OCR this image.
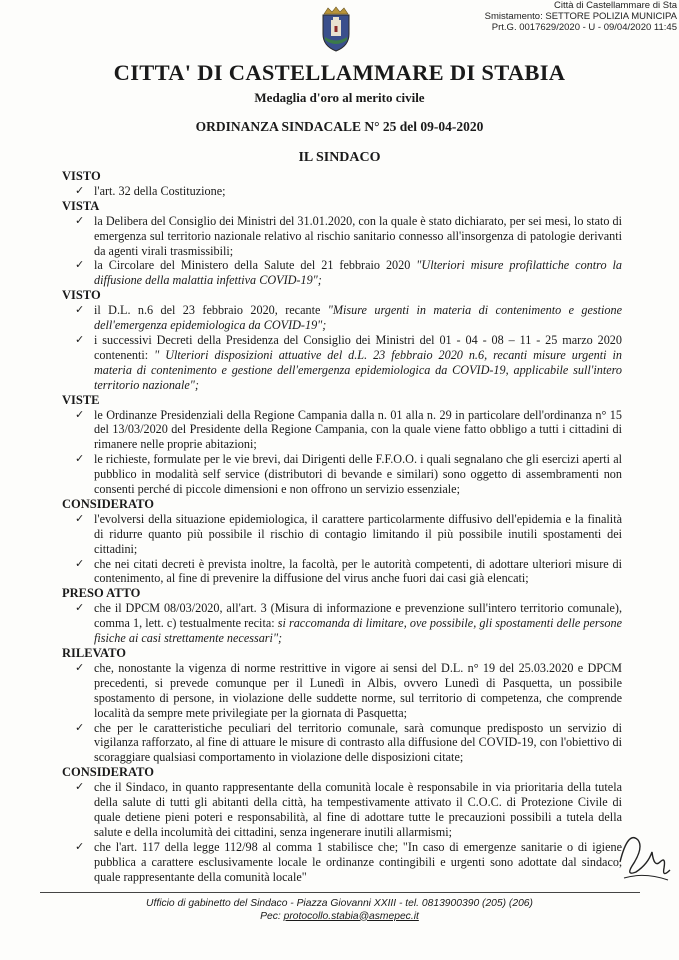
Città di Castellammare di Sta
Smistamento: SETTORE POLIZIA MUNICIPA
Prt.G. 0017629/2020 - U - 09/04/2020 11:45
CITTA' DI CASTELLAMMARE DI STABIA
Medaglia d'oro al merito civile
ORDINANZA SINDACALE N° 25 del 09-04-2020
IL SINDACO
VISTO
✓ l'art. 32 della Costituzione;
VISTA
✓ la Delibera del Consiglio dei Ministri del 31.01.2020, con la quale è stato dichiarato, per sei mesi, lo stato di emergenza sul territorio nazionale relativo al rischio sanitario connesso all'insorgenza di patologie derivanti da agenti virali trasmissibili;
✓ la Circolare del Ministero della Salute del 21 febbraio 2020 "Ulteriori misure profilattiche contro la diffusione della malattia infettiva COVID-19";
VISTO
✓ il D.L. n.6 del 23 febbraio 2020, recante "Misure urgenti in materia di contenimento e gestione dell'emergenza epidemiologica da COVID-19";
✓ i successivi Decreti della Presidenza del Consiglio dei Ministri del 01 - 04 - 08 – 11 - 25 marzo 2020 contenenti: " Ulteriori disposizioni attuative del d.L. 23 febbraio 2020 n.6, recanti misure urgenti in materia di contenimento e gestione dell'emergenza epidemiologica da COVID-19, applicabile sull'intero territorio nazionale";
VISTE
✓ le Ordinanze Presidenziali della Regione Campania dalla n. 01 alla n. 29 in particolare dell'ordinanza n° 15 del 13/03/2020 del Presidente della Regione Campania, con la quale viene fatto obbligo a tutti i cittadini di rimanere nelle proprie abitazioni;
✓ le richieste, formulate per le vie brevi, dai Dirigenti delle F.F.O.O. i quali segnalano che gli esercizi aperti al pubblico in modalità self service (distributori di bevande e similari) sono oggetto di assembramenti non consenti perché di piccole dimensioni e non offrono un servizio essenziale;
CONSIDERATO
✓ l'evolversi della situazione epidemiologica, il carattere particolarmente diffusivo dell'epidemia e la finalità di ridurre quanto più possibile il rischio di contagio limitando il più possibile inutili spostamenti dei cittadini;
✓ che nei citati decreti è prevista inoltre, la facoltà, per le autorità competenti, di adottare ulteriori misure di contenimento, al fine di prevenire la diffusione del virus anche fuori dai casi già elencati;
PRESO ATTO
✓ che il DPCM 08/03/2020, all'art. 3 (Misura di informazione e prevenzione sull'intero territorio comunale), comma 1, lett. c) testualmente recita: si raccomanda di limitare, ove possibile, gli spostamenti delle persone fisiche ai casi strettamente necessari";
RILEVATO
✓ che, nonostante la vigenza di norme restrittive in vigore ai sensi del D.L. n° 19 del 25.03.2020 e DPCM precedenti, si prevede comunque per il Lunedì in Albis, ovvero Lunedì di Pasquetta, un possibile spostamento di persone, in violazione delle suddette norme, sul territorio di competenza, che comprende località da sempre mete privilegiate per la giornata di Pasquetta;
✓ che per le caratteristiche peculiari del territorio comunale, sarà comunque predisposto un servizio di vigilanza rafforzato, al fine di attuare le misure di contrasto alla diffusione del COVID-19, con l'obiettivo di scoraggiare qualsiasi comportamento in violazione delle disposizioni citate;
CONSIDERATO
✓ che il Sindaco, in quanto rappresentante della comunità locale è responsabile in via prioritaria della tutela della salute di tutti gli abitanti della città, ha tempestivamente attivato il C.O.C. di Protezione Civile di quale detiene pieni poteri e responsabilità, al fine di adottare tutte le precauzioni possibili a tutela della salute e della incolumità dei cittadini, senza ingenerare inutili allarmismi;
✓ che l'art. 117 della legge 112/98 al comma 1 stabilisce che; "In caso di emergenze sanitarie o di igiene pubblica a carattere esclusivamente locale le ordinanze contingibili e urgenti sono adottate dal sindaco, quale rappresentante della comunità locale"
Ufficio di gabinetto del Sindaco - Piazza Giovanni XXIII - tel. 0813900390 (205) (206)
Pec: protocollo.stabia@asmepec.it
